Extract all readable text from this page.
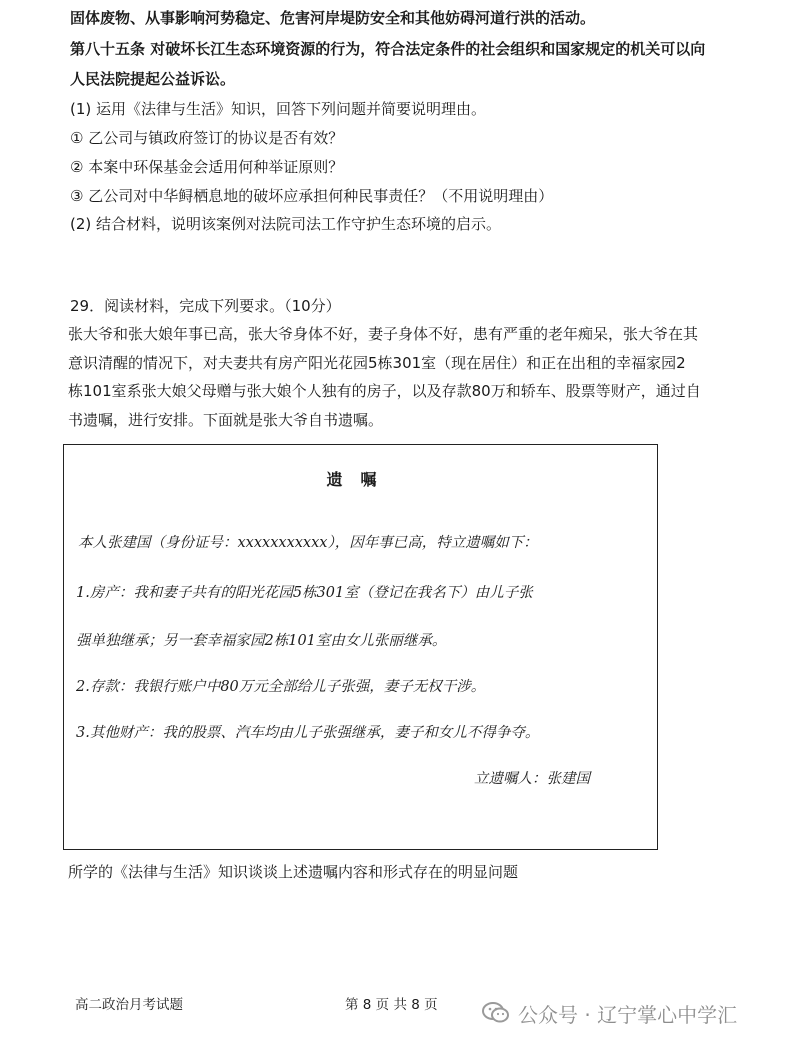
固体废物、从事影响河势稳定、危害河岸堤防安全和其他妨碍河道行洪的活动。
第八十五条 对破坏长江生态环境资源的行为，符合法定条件的社会组织和国家规定的机关可以向
人民法院提起公益诉讼。
(1) 运用《法律与生活》知识，回答下列问题并简要说明理由。
① 乙公司与镇政府签订的协议是否有效？
② 本案中环保基金会适用何种举证原则？
③ 乙公司对中华鲟栖息地的破坏应承担何种民事责任？（不用说明理由）
(2) 结合材料，说明该案例对法院司法工作守护生态环境的启示。
29．阅读材料，完成下列要求。（10分）
张大爷和张大娘年事已高，张大爷身体不好，妻子身体不好，患有严重的老年痴呆，张大爷在其
意识清醒的情况下，对夫妻共有房产阳光花园5栋301室（现在居住）和正在出租的幸福家园2
栋101室系张大娘父母赠与张大娘个人独有的房子，以及存款80万和轿车、股票等财产，通过自
书遗嘱，进行安排。下面就是张大爷自书遗嘱。
遗嘱
本人张建国（身份证号：xxxxxxxxxxx），因年事已高，特立遗嘱如下：
1.房产：我和妻子共有的阳光花园5栋301室（登记在我名下）由儿子张
强单独继承；另一套幸福家园2栋101室由女儿张丽继承。
2.存款：我银行账户中80万元全部给儿子张强，妻子无权干涉。
3.其他财产：我的股票、汽车均由儿子张强继承，妻子和女儿不得争夺。
立遗嘱人：张建国
所学的《法律与生活》知识谈谈上述遗嘱内容和形式存在的明显问题
高二政治月考试题	第 8 页 共 8 页	公众号 · 辽宁掌心中学汇
